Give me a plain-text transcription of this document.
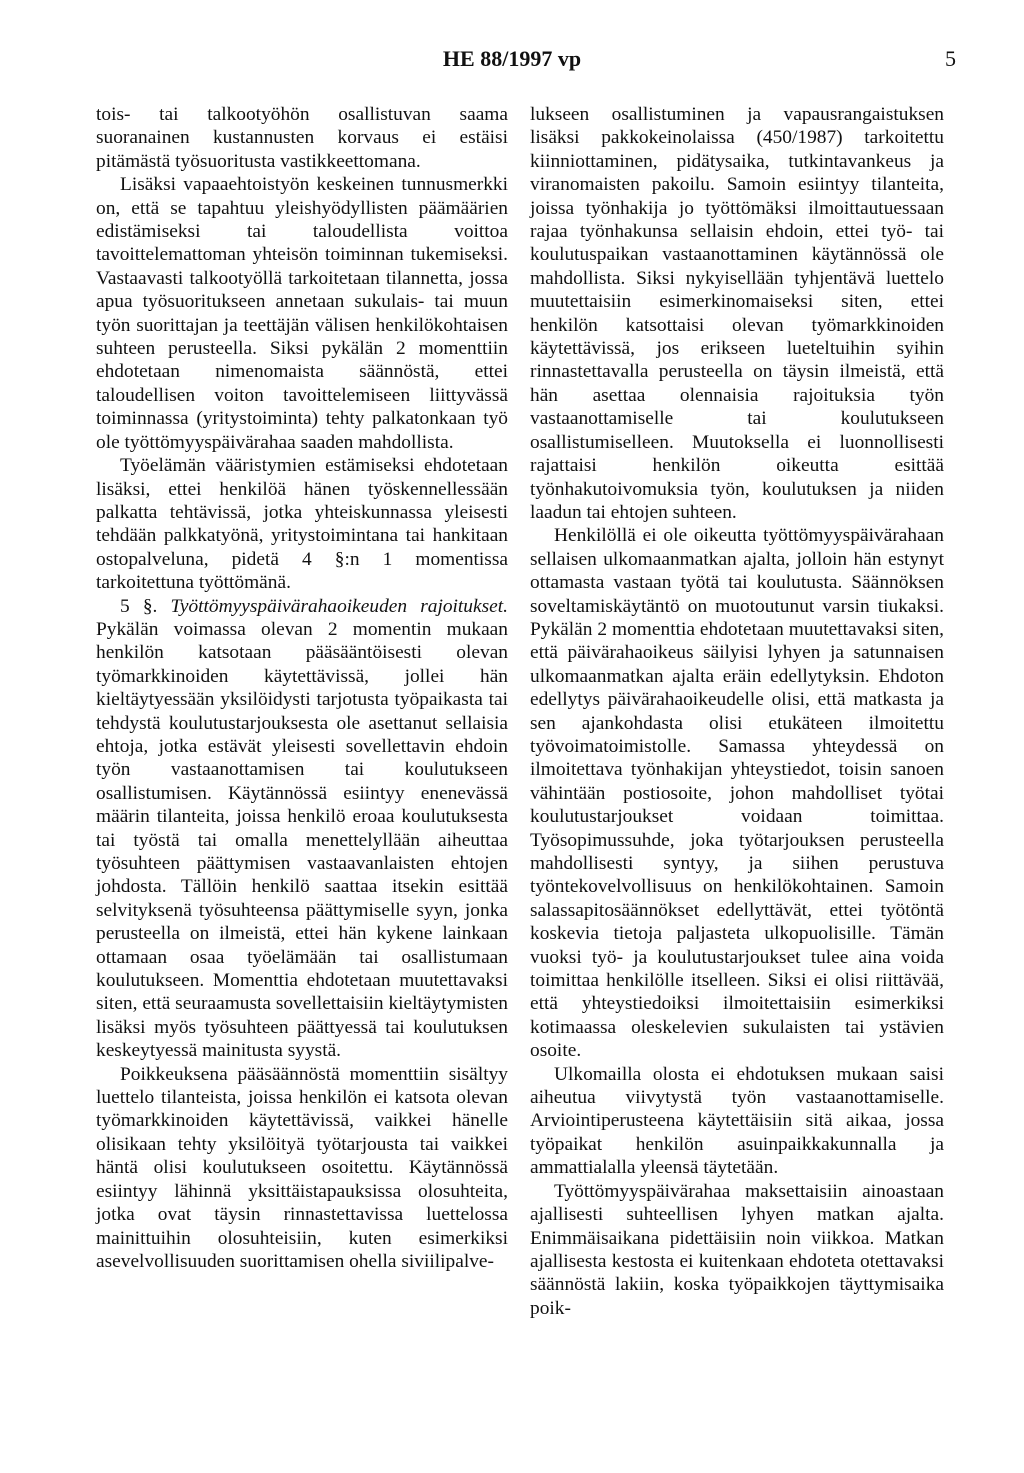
HE 88/1997 vp	5

tois- tai talkootyöhön osallistuvan saama suoranainen kustannusten korvaus ei estäisi pitämästä työsuoritusta vastikkeettomana.

Lisäksi vapaaehtoistyön keskeinen tunnusmerkki on, että se tapahtuu yleishyödyllisten päämäärien edistämiseksi tai taloudellista voittoa tavoittelemattoman yhteisön toiminnan tukemiseksi. Vastaavasti talkootyöllä tarkoitetaan tilannetta, jossa apua työsuoritukseen annetaan sukulais- tai muun työn suorittajan ja teettäjän välisen henkilökohtaisen suhteen perusteella. Siksi pykälän 2 momenttiin ehdotetaan nimenomaista säännöstä, ettei taloudellisen voiton tavoittelemiseen liittyvässä toiminnassa (yritystoiminta) tehty palkatonkaan työ ole työttömyyspäivärahaa saaden mahdollista.

Työelämän vääristymien estämiseksi ehdotetaan lisäksi, ettei henkilöä hänen työskennellessään palkatta tehtävissä, jotka yhteiskunnassa yleisesti tehdään palkkatyönä, yritystoimintana tai hankitaan ostopalveluna, pidetä 4 §:n 1 momentissa tarkoitettuna työttömänä.

5 §. Työttömyyspäivärahaoikeuden rajoitukset. Pykälän voimassa olevan 2 momentin mukaan henkilön katsotaan pääsääntöisesti olevan työmarkkinoiden käytettävissä, jollei hän kieltäytyessään yksilöidysti tarjotusta työpaikasta tai tehdystä koulutustarjouksesta ole asettanut sellaisia ehtoja, jotka estävät yleisesti sovellettavin ehdoin työn vastaanottamisen tai koulutukseen osallistumisen. Käytännössä esiintyy enenevässä määrin tilanteita, joissa henkilö eroaa koulutuksesta tai työstä tai omalla menettelyllään aiheuttaa työsuhteen päättymisen vastaavanlaisten ehtojen johdosta. Tällöin henkilö saattaa itsekin esittää selvityksenä työsuhteensa päättymiselle syyn, jonka perusteella on ilmeistä, ettei hän kykene lainkaan ottamaan osaa työelämään tai osallistumaan koulutukseen. Momenttia ehdotetaan muutettavaksi siten, että seuraamusta sovellettaisiin kieltäytymisten lisäksi myös työsuhteen päättyessä tai koulutuksen keskeytyessä mainitusta syystä.

Poikkeuksena pääsäännöstä momenttiin sisältyy luettelo tilanteista, joissa henkilön ei katsota olevan työmarkkinoiden käytettävissä, vaikkei hänelle olisikaan tehty yksilöityä työtarjousta tai vaikkei häntä olisi koulutukseen osoitettu. Käytännössä esiintyy lähinnä yksittäistapauksissa olosuhteita, jotka ovat täysin rinnastettavissa luettelossa mainittuihin olosuhteisiin, kuten esimerkiksi asevelvollisuuden suorittamisen ohella siviilipalve-

lukseen osallistuminen ja vapausrangaistuksen lisäksi pakkokeinolaissa (450/1987) tarkoitettu kiinniottaminen, pidätysaika, tutkintavankeus ja viranomaisten pakoilu. Samoin esiintyy tilanteita, joissa työnhakija jo työttömäksi ilmoittautuessaan rajaa työnhakunsa sellaisin ehdoin, ettei työ- tai koulutuspaikan vastaanottaminen käytännössä ole mahdollista. Siksi nykyisellään tyhjentävä luettelo muutettaisiin esimerkinomaiseksi siten, ettei henkilön katsottaisi olevan työmarkkinoiden käytettävissä, jos erikseen lueteltuihin syihin rinnastettavalla perusteella on täysin ilmeistä, että hän asettaa olennaisia rajoituksia työn vastaanottamiselle tai koulutukseen osallistumiselleen. Muutoksella ei luonnollisesti rajattaisi henkilön oikeutta esittää työnhakutoivomuksia työn, koulutuksen ja niiden laadun tai ehtojen suhteen.

Henkilöllä ei ole oikeutta työttömyyspäivärahaan sellaisen ulkomaanmatkan ajalta, jolloin hän estynyt ottamasta vastaan työtä tai koulutusta. Säännöksen soveltamiskäytäntö on muotoutunut varsin tiukaksi. Pykälän 2 momenttia ehdotetaan muutettavaksi siten, että päivärahaoikeus säilyisi lyhyen ja satunnaisen ulkomaanmatkan ajalta eräin edellytyksin. Ehdoton edellytys päivärahaoikeudelle olisi, että matkasta ja sen ajankohdasta olisi etukäteen ilmoitettu työvoimatoimistolle. Samassa yhteydessä on ilmoitettava työnhakijan yhteystiedot, toisin sanoen vähintään postiosoite, johon mahdolliset työtai koulutustarjoukset voidaan toimittaa. Työsopimussuhde, joka työtarjouksen perusteella mahdollisesti syntyy, ja siihen perustuva työntekovelvollisuus on henkilökohtainen. Samoin salassapitosäännökset edellyttävät, ettei työtöntä koskevia tietoja paljasteta ulkopuolisille. Tämän vuoksi työ- ja koulutustarjoukset tulee aina voida toimittaa henkilölle itselleen. Siksi ei olisi riittävää, että yhteystiedoiksi ilmoitettaisiin esimerkiksi kotimaassa oleskelevien sukulaisten tai ystävien osoite.

Ulkomailla olosta ei ehdotuksen mukaan saisi aiheutua viivytystä työn vastaanottamiselle. Arviointiperusteena käytettäisiin sitä aikaa, jossa työpaikat henkilön asuinpaikkakunnalla ja ammattialalla yleensä täytetään.

Työttömyyspäivärahaa maksettaisiin ainoastaan ajallisesti suhteellisen lyhyen matkan ajalta. Enimmäisaikana pidettäisiin noin viikkoa. Matkan ajallisesta kestosta ei kuitenkaan ehdoteta otettavaksi säännöstä lakiin, koska työpaikkojen täyttymisaika poik-
